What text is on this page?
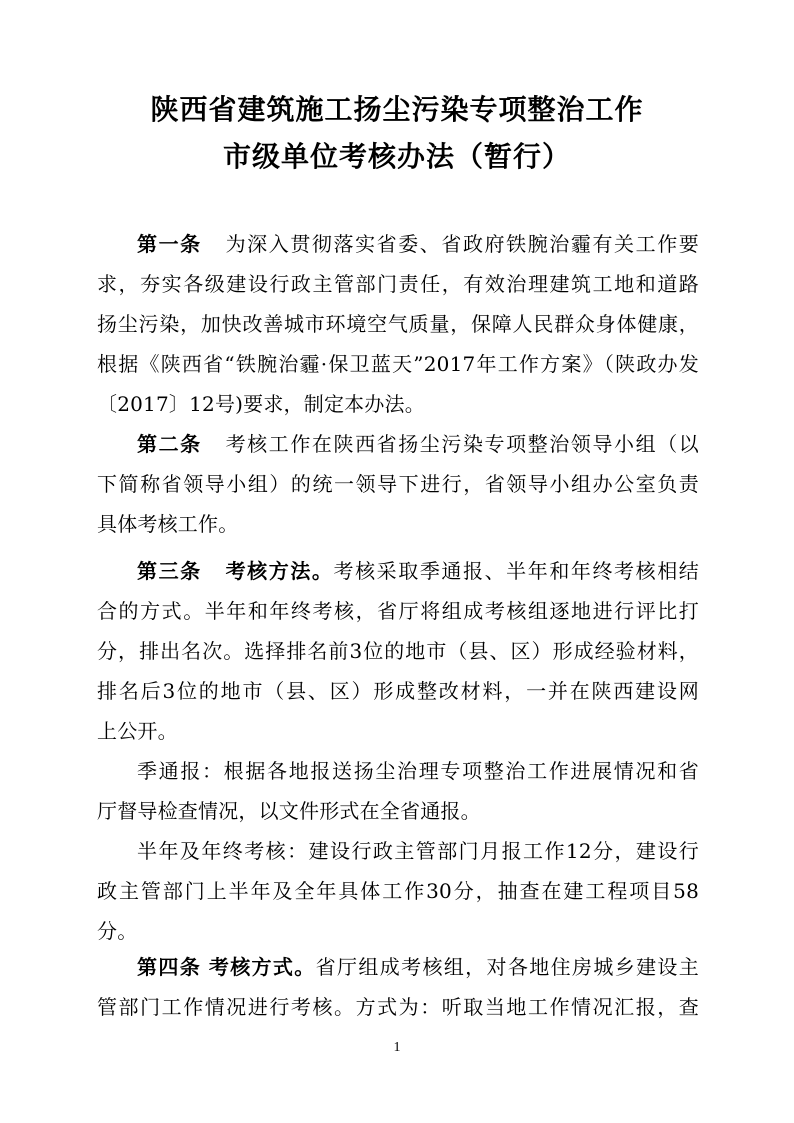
陕西省建筑施工扬尘污染专项整治工作
市级单位考核办法（暂行）
第一条 为深入贯彻落实省委、省政府铁腕治霾有关工作要
求，夯实各级建设行政主管部门责任，有效治理建筑工地和道路
扬尘污染，加快改善城市环境空气质量，保障人民群众身体健康，
根据《陕西省“铁腕治霾·保卫蓝天”2017年工作方案》（陕政办发
〔2017〕12号)要求，制定本办法。
第二条 考核工作在陕西省扬尘污染专项整治领导小组（以
下简称省领导小组）的统一领导下进行，省领导小组办公室负责
具体考核工作。
第三条 考核方法。考核采取季通报、半年和年终考核相结
合的方式。半年和年终考核，省厅将组成考核组逐地进行评比打
分，排出名次。选择排名前3位的地市（县、区）形成经验材料，
排名后3位的地市（县、区）形成整改材料，一并在陕西建设网
上公开。
季通报：根据各地报送扬尘治理专项整治工作进展情况和省
厅督导检查情况，以文件形式在全省通报。
半年及年终考核：建设行政主管部门月报工作12分，建设行
政主管部门上半年及全年具体工作30分，抽查在建工程项目58
分。
第四条 考核方式。省厅组成考核组，对各地住房城乡建设主
管部门工作情况进行考核。方式为：听取当地工作情况汇报，查
1
